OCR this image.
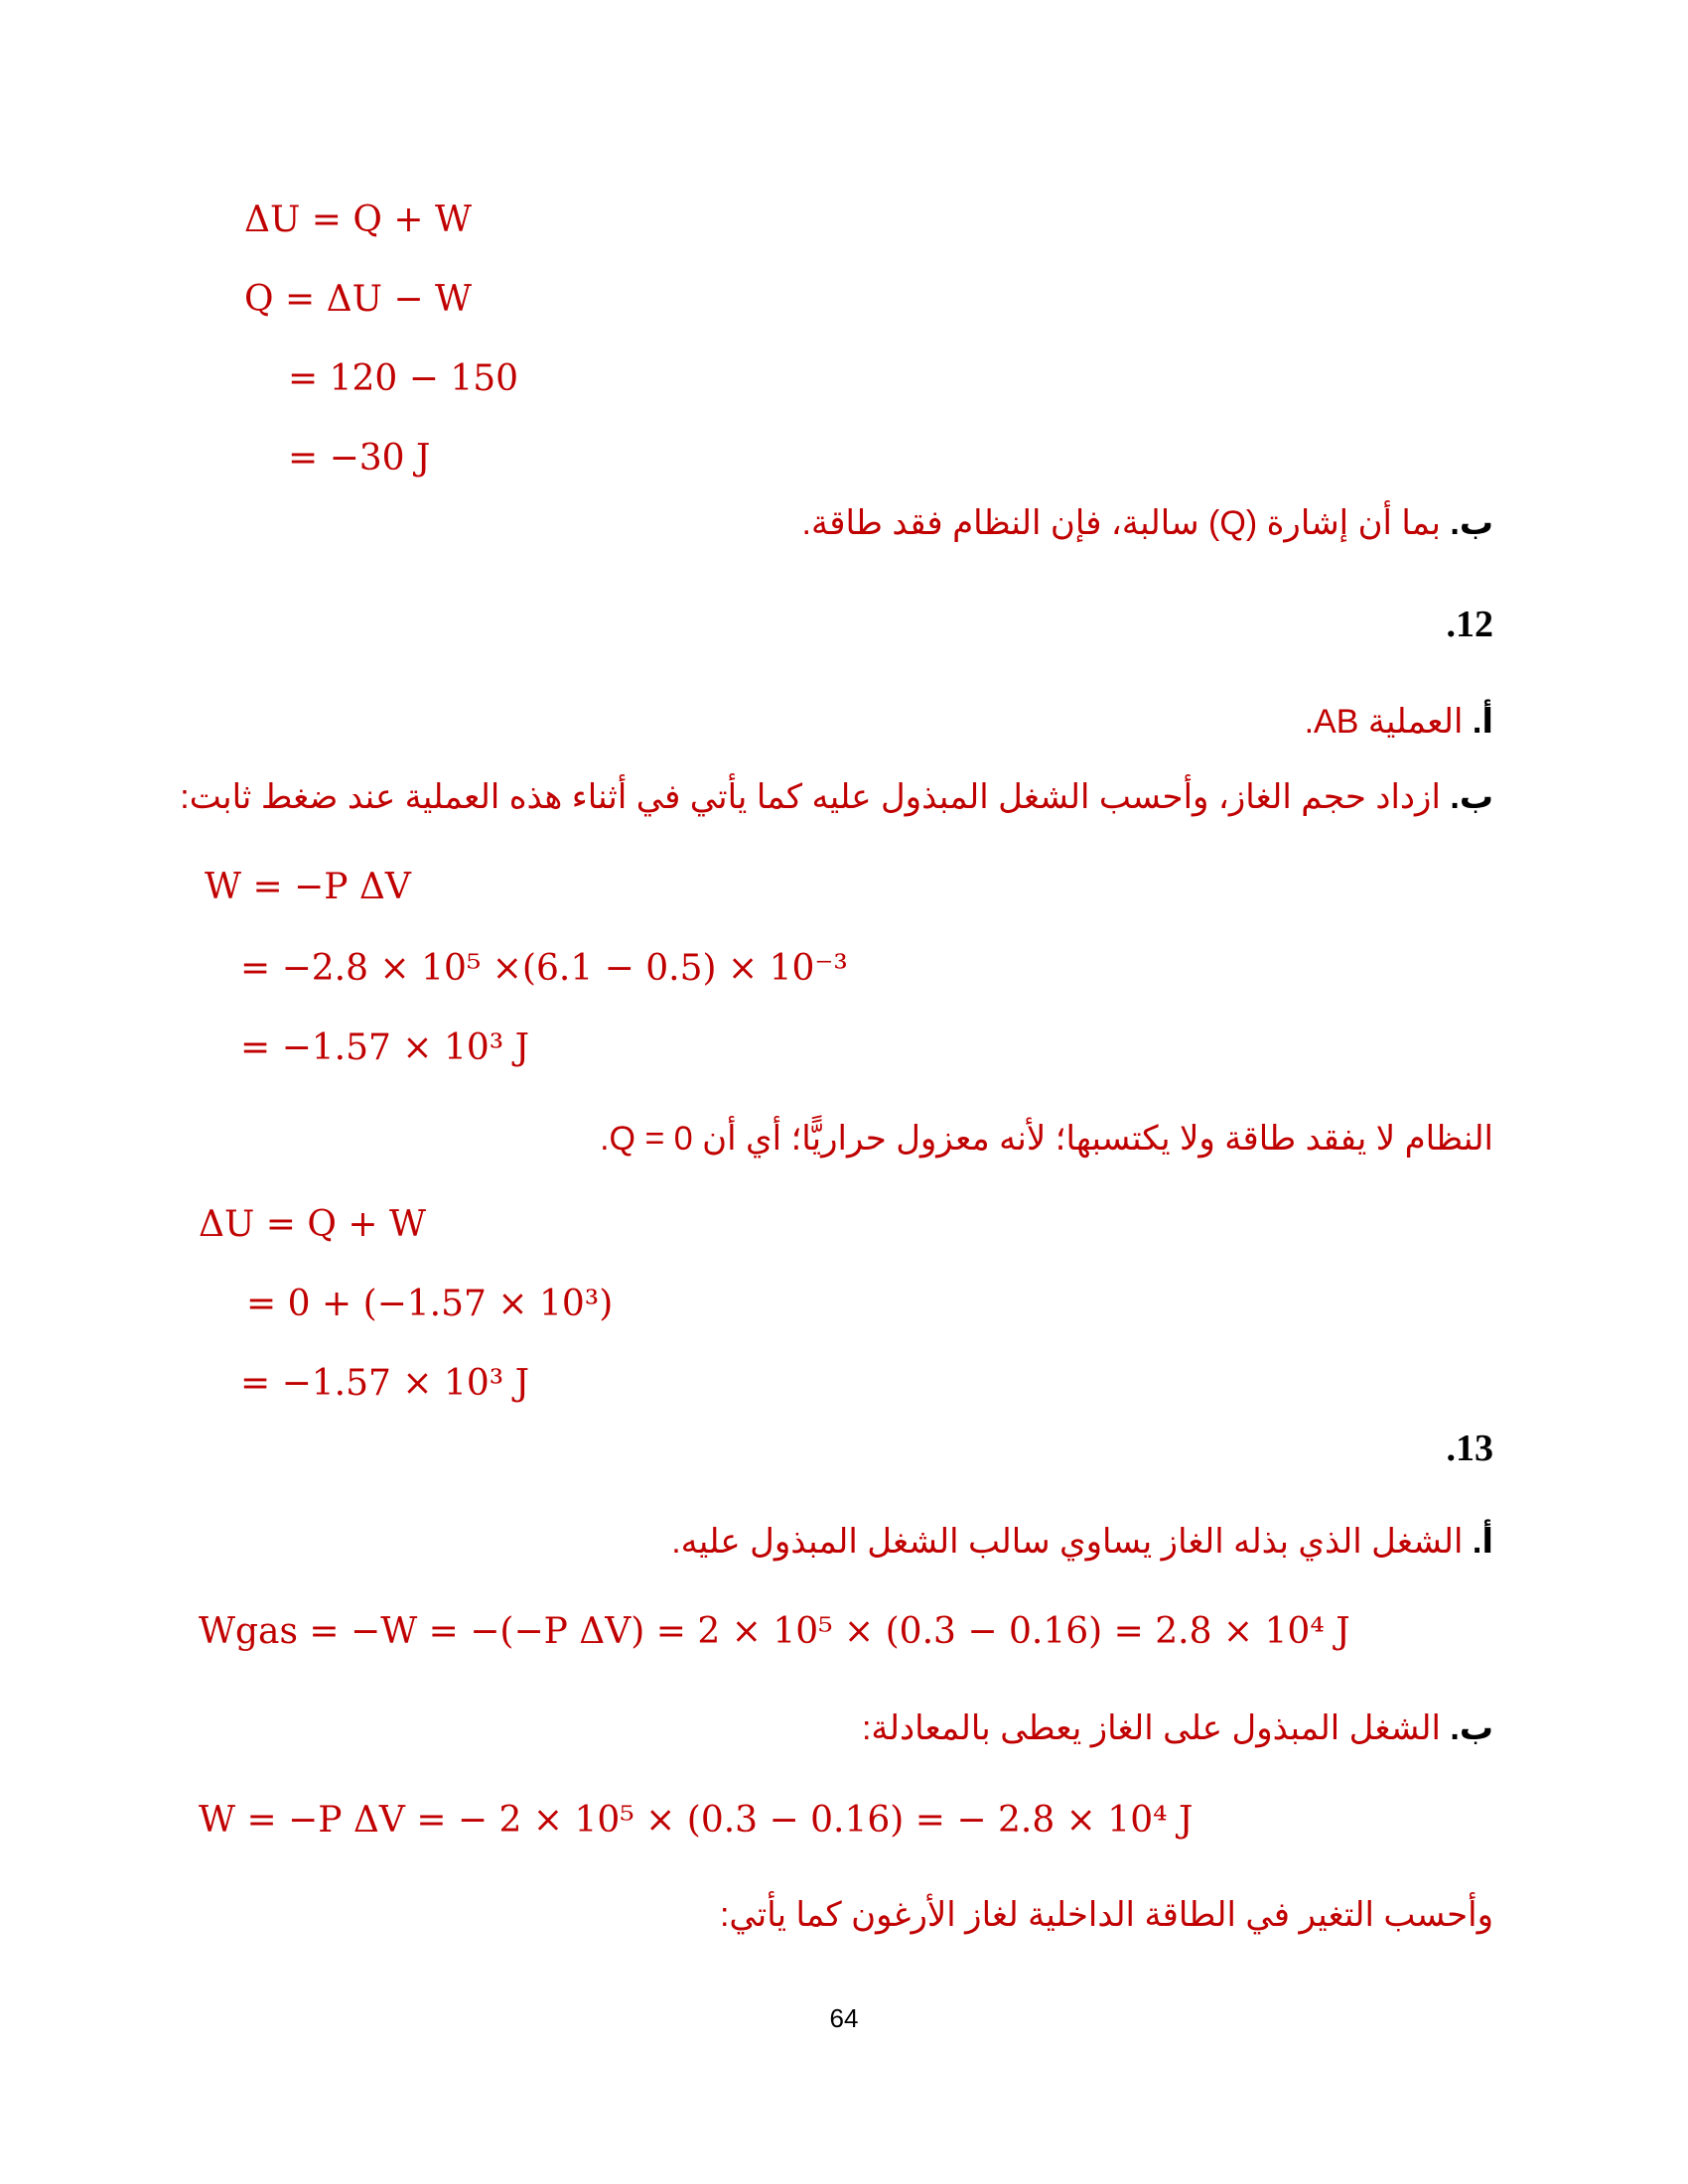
ΔU = Q + W
Q = ΔU − W
= 120 − 150
= −30 J
ب. بما أن إشارة (Q) سالبة، فإن النظام فقد طاقة.
.12
أ. العملية AB.
ب. ازداد حجم الغاز، وأحسب الشغل المبذول عليه كما يأتي في أثناء هذه العملية عند ضغط ثابت:
W = −P ΔV
= −2.8 × 10⁵ ×(6.1 − 0.5) × 10⁻³
= −1.57 × 10³ J
النظام لا يفقد طاقة ولا يكتسبها؛ لأنه معزول حراريًّا؛ أي أن Q = 0.
ΔU = Q + W
= 0 + (−1.57 × 10³)
= −1.57 × 10³ J
.13
أ. الشغل الذي بذله الغاز يساوي سالب الشغل المبذول عليه.
Wgas = −W = −(−P ΔV) = 2 × 10⁵ × (0.3 − 0.16) = 2.8 × 10⁴ J
ب. الشغل المبذول على الغاز يعطى بالمعادلة:
W = −P ΔV = − 2 × 10⁵ × (0.3 − 0.16) = − 2.8 × 10⁴ J
وأحسب التغير في الطاقة الداخلية لغاز الأرغون كما يأتي:
64
